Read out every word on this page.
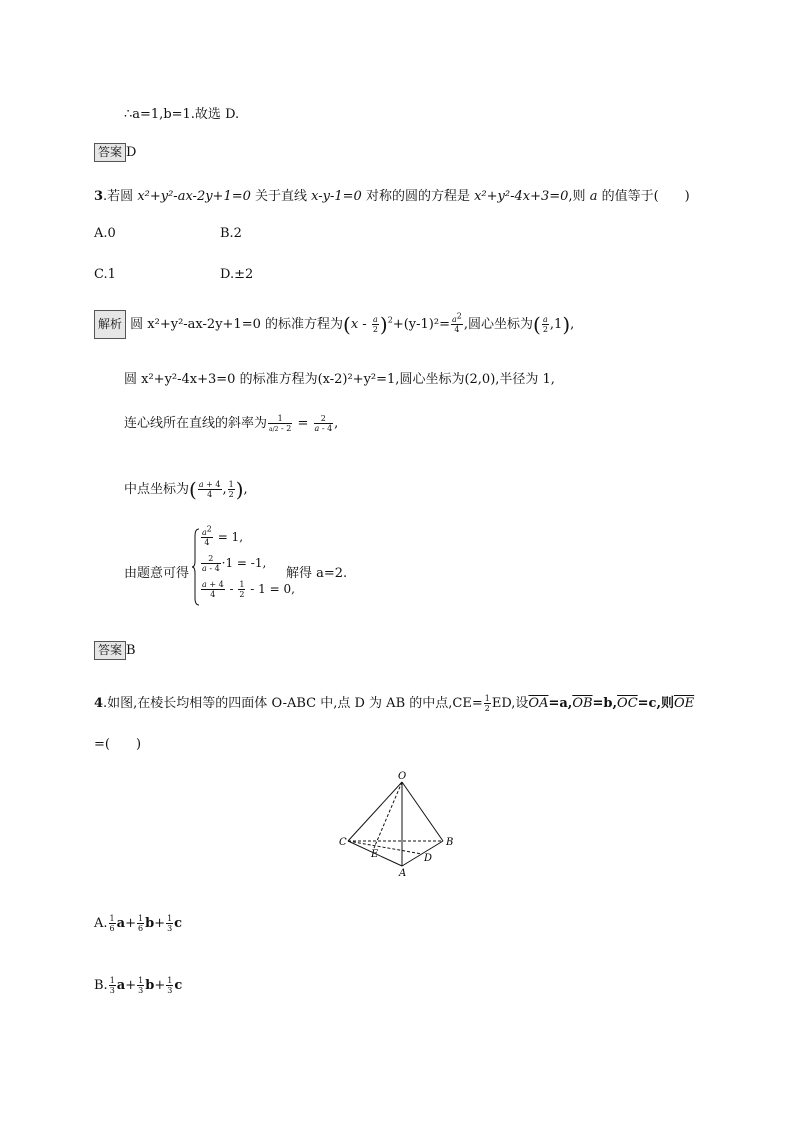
∴a=1,b=1.故选 D.
答案 D
3.若圆 x²+y²-ax-2y+1=0 关于直线 x-y-1=0 对称的圆的方程是 x²+y²-4x+3=0,则 a 的值等于(　　)
A.0	B.2
C.1	D.±2
解析 圆 x²+y²-ax-2y+1=0 的标准方程为$(x - \frac{a}{2} )^2+(y-1)^2= \frac{a^2}{4}$ ,圆心坐标为( $\frac{a}{2} ,1$),
圆 x²+y²-4x+3=0 的标准方程为(x-2)²+y²=1,圆心坐标为(2,0),半径为 1,
连心线所在直线的斜率为 $\frac{1}{a/2 - 2} = \frac{2}{a - 4}$ ,
中点坐标为( $\frac{a + 4}{4}$ , $\frac{1}{2}$ ),
由题意可得
$\frac{a^2}{4} = 1$,
$\frac{2}{a - 4} \cdot 1 = -1$,
$\frac{a + 4}{4} - \frac{1}{2} - 1 = 0$,
解得 a=2.
答案 B
4.如图,在棱长均相等的四面体 O-ABC 中,点 D 为 AB 的中点$,CE= \frac{1}{2}$ ED,设$\overline{OA}=a,\overline{OB}=b,\overline{OC}=c$,则$\overline{OE}$
=(　　)
O
C	B
E	D
A
A. $\frac{1}{6} a+ \frac{1}{6} b+ \frac{1}{3}$ c
B. $\frac{1}{3} a+ \frac{1}{3} b+ \frac{1}{3}$ c
